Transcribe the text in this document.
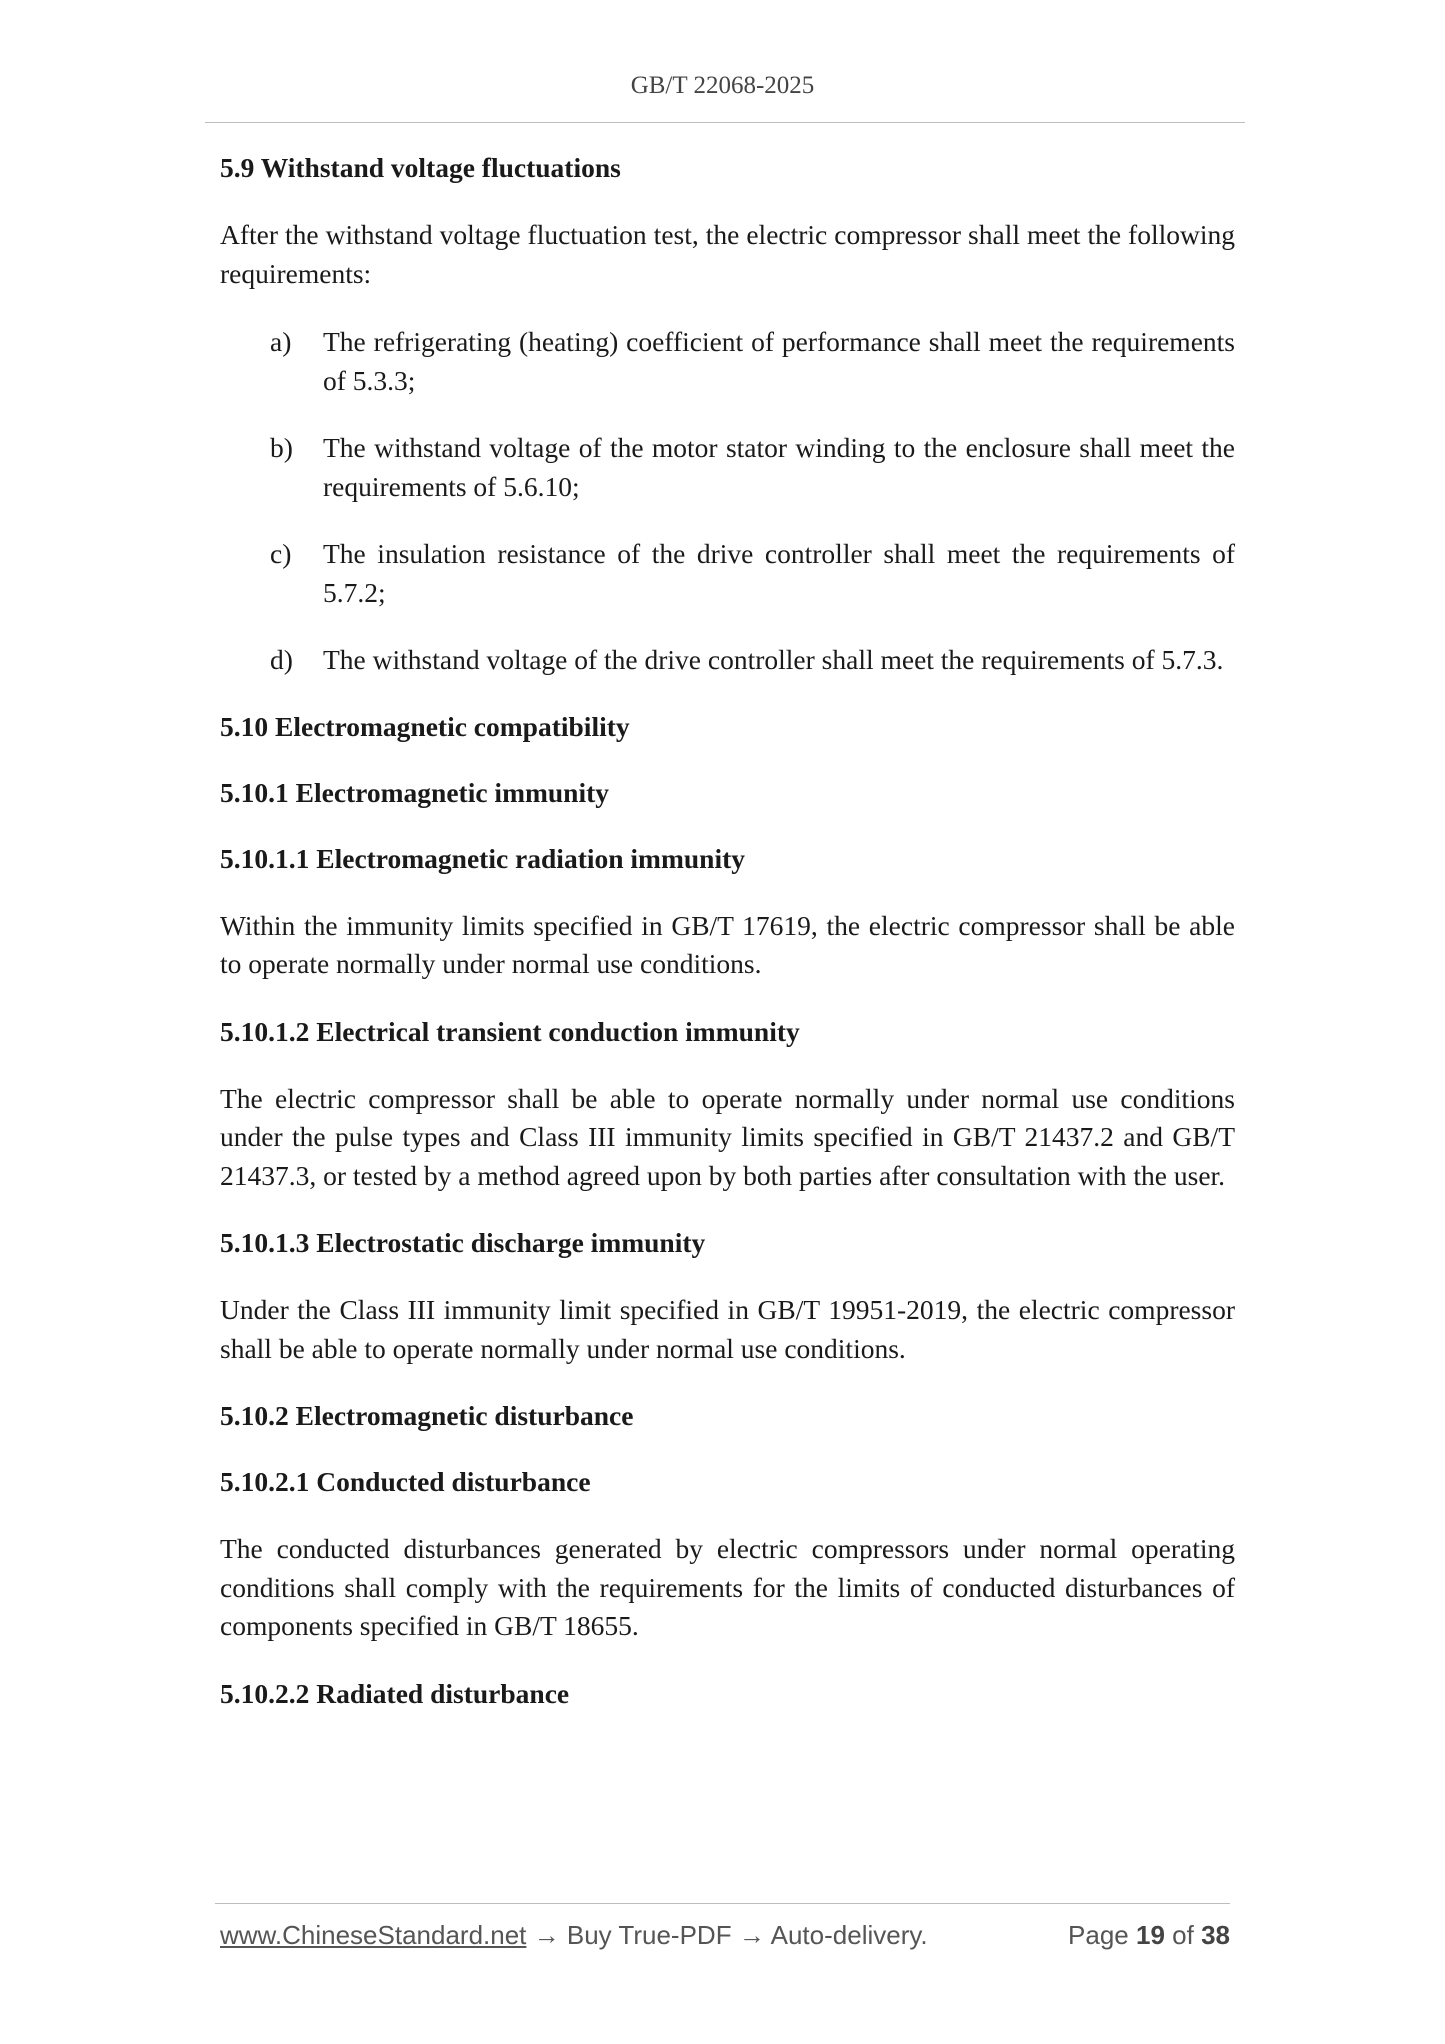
GB/T 22068-2025
5.9 Withstand voltage fluctuations
After the withstand voltage fluctuation test, the electric compressor shall meet the following requirements:
a) The refrigerating (heating) coefficient of performance shall meet the requirements of 5.3.3;
b) The withstand voltage of the motor stator winding to the enclosure shall meet the requirements of 5.6.10;
c) The insulation resistance of the drive controller shall meet the requirements of 5.7.2;
d) The withstand voltage of the drive controller shall meet the requirements of 5.7.3.
5.10 Electromagnetic compatibility
5.10.1 Electromagnetic immunity
5.10.1.1 Electromagnetic radiation immunity
Within the immunity limits specified in GB/T 17619, the electric compressor shall be able to operate normally under normal use conditions.
5.10.1.2 Electrical transient conduction immunity
The electric compressor shall be able to operate normally under normal use conditions under the pulse types and Class III immunity limits specified in GB/T 21437.2 and GB/T 21437.3, or tested by a method agreed upon by both parties after consultation with the user.
5.10.1.3 Electrostatic discharge immunity
Under the Class III immunity limit specified in GB/T 19951-2019, the electric compressor shall be able to operate normally under normal use conditions.
5.10.2 Electromagnetic disturbance
5.10.2.1 Conducted disturbance
The conducted disturbances generated by electric compressors under normal operating conditions shall comply with the requirements for the limits of conducted disturbances of components specified in GB/T 18655.
5.10.2.2 Radiated disturbance
www.ChineseStandard.net → Buy True-PDF → Auto-delivery.	Page 19 of 38
